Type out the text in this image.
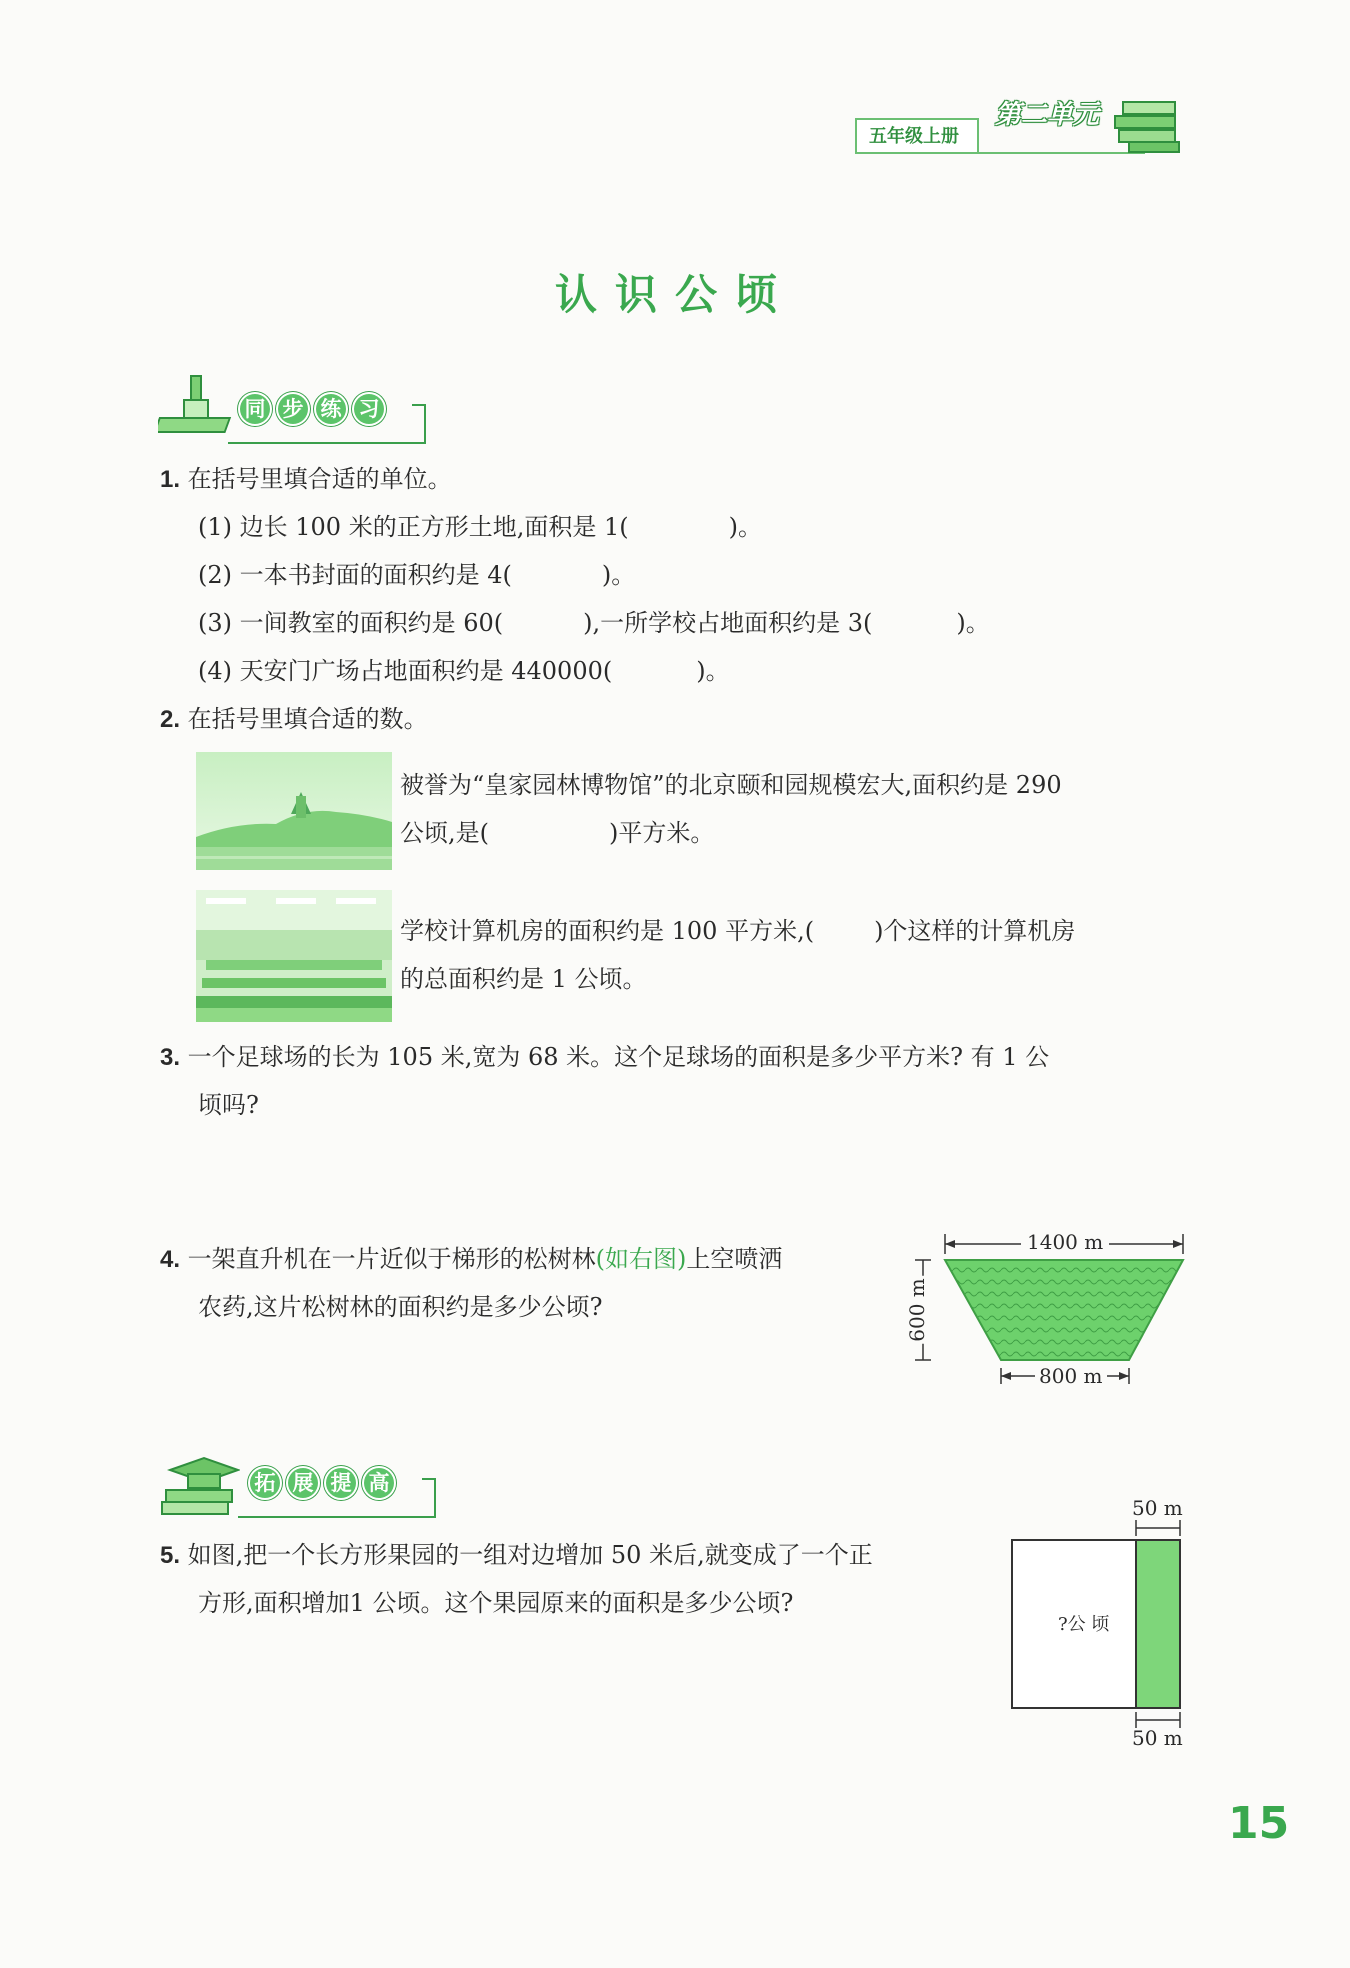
五年级上册
第二单元
认识公顷
同 步 练 习
1. 在括号里填合适的单位。
(1) 边长 100 米的正方形土地,面积是 1(	)。
(2) 一本书封面的面积约是 4(	)。
(3) 一间教室的面积约是 60(	),一所学校占地面积约是 3(	)。
(4) 天安门广场占地面积约是 440000(	)。
2. 在括号里填合适的数。
被誉为“皇家园林博物馆”的北京颐和园规模宏大,面积约是 290
公顷,是(	)平方米。
学校计算机房的面积约是 100 平方米,(	)个这样的计算机房
的总面积约是 1 公顷。
3. 一个足球场的长为 105 米,宽为 68 米。这个足球场的面积是多少平方米? 有 1 公
顷吗?
4. 一架直升机在一片近似于梯形的松树林(如右图)上空喷洒
农药,这片松树林的面积约是多少公顷?
1400 m
800 m
600 m
拓 展 提 高
5. 如图,把一个长方形果园的一组对边增加 50 米后,就变成了一个正
方形,面积增加1 公顷。这个果园原来的面积是多少公顷?
50 m
?公 顷
50 m
15
